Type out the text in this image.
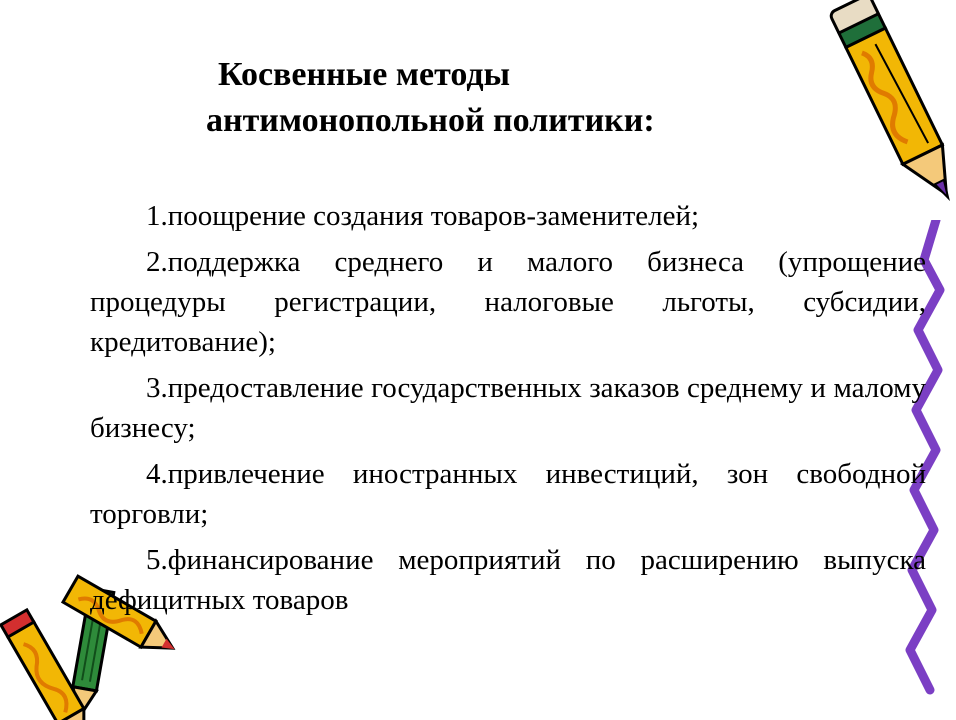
Косвенные методы
антимонопольной политики:

1.поощрение создания товаров-заменителей;

2.поддержка среднего и малого бизнеса (упрощение процедуры регистрации, налоговые льготы, субсидии, кредитование);

3.предоставление государственных заказов среднему и малому бизнесу;

4.привлечение иностранных инвестиций, зон свободной торговли;

5.финансирование мероприятий по расширению выпуска дефицитных товаров
